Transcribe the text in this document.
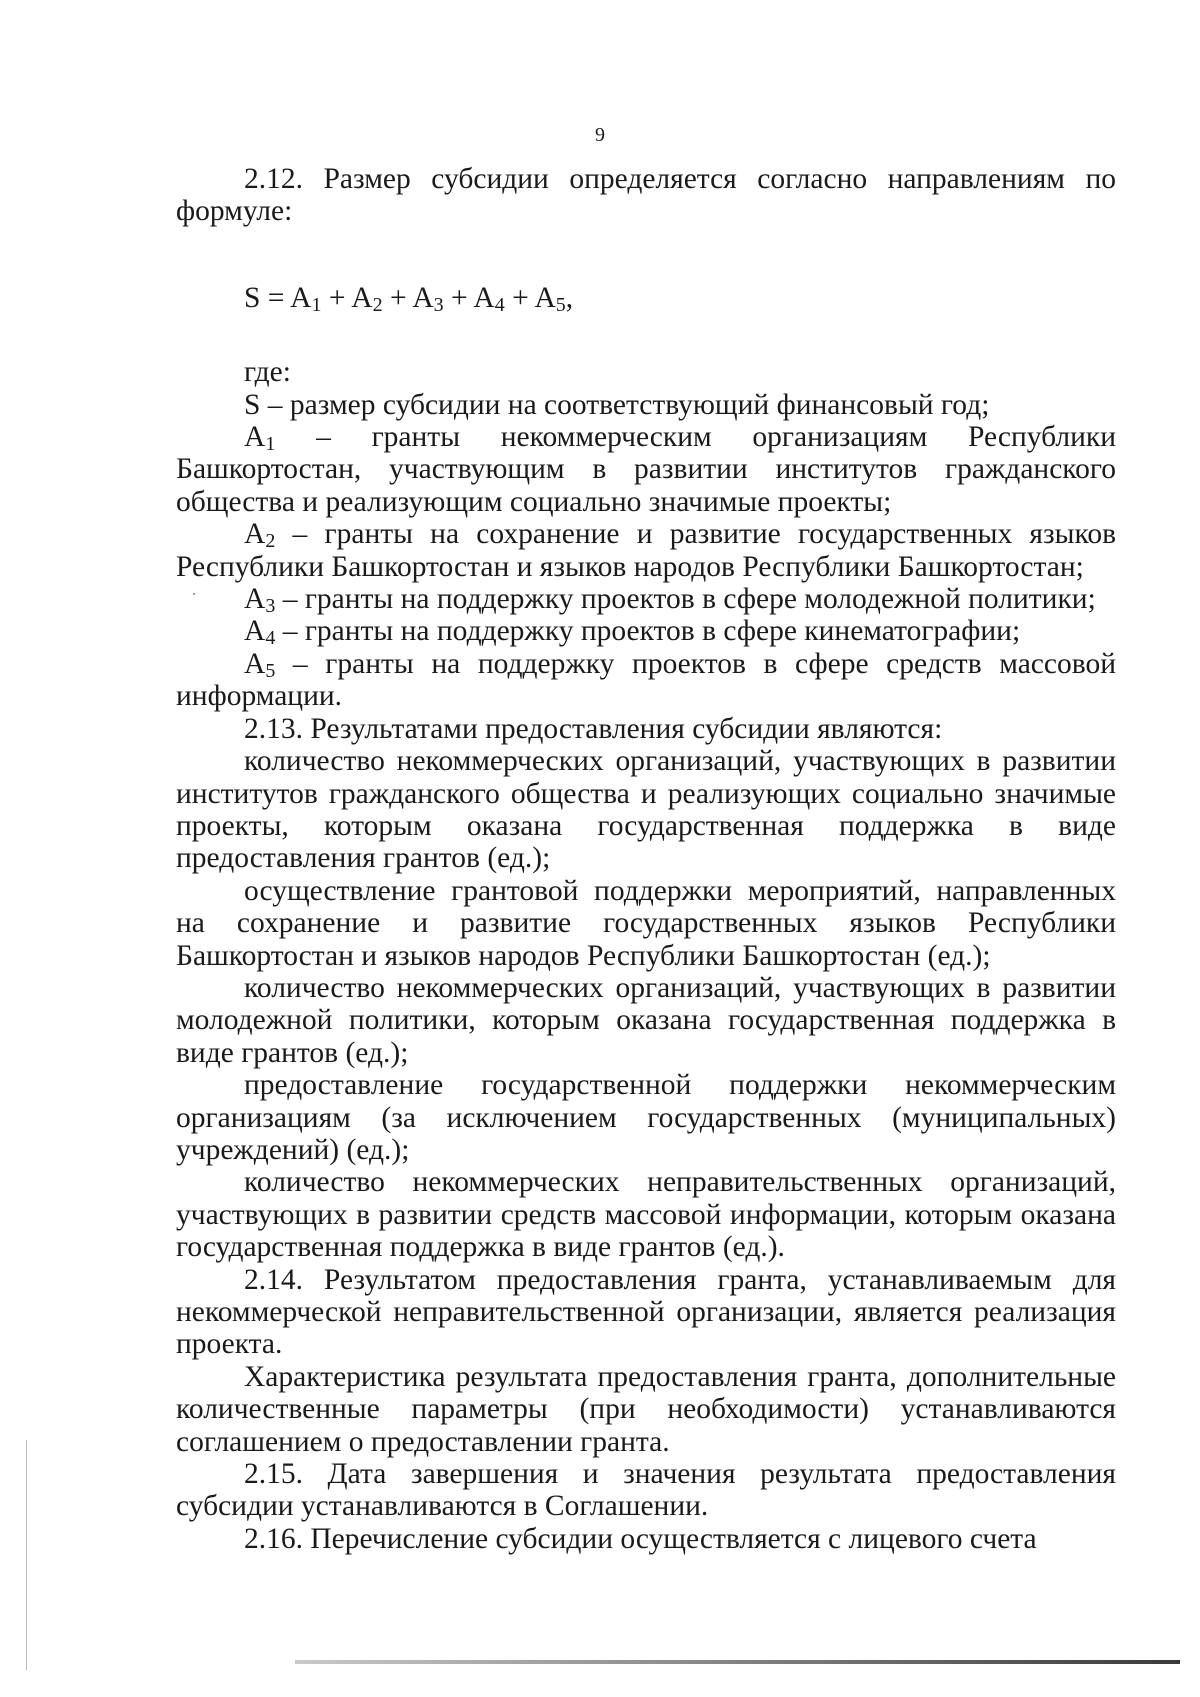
9

2.12. Размер субсидии определяется согласно направлениям по формуле:

$S = A_1 + A_2 + A_3 + A_4 + A_5$,

где:

S – размер субсидии на соответствующий финансовый год;

$A_1$ – гранты некоммерческим организациям Республики Башкортостан, участвующим в развитии институтов гражданского общества и реализующим социально значимые проекты;

$A_2$ – гранты на сохранение и развитие государственных языков Республики Башкортостан и языков народов Республики Башкортостан;

$A_3$ – гранты на поддержку проектов в сфере молодежной политики;

$A_4$ – гранты на поддержку проектов в сфере кинематографии;

$A_5$ – гранты на поддержку проектов в сфере средств массовой информации.

2.13. Результатами предоставления субсидии являются:

количество некоммерческих организаций, участвующих в развитии институтов гражданского общества и реализующих социально значимые проекты, которым оказана государственная поддержка в виде предоставления грантов (ед.);

осуществление грантовой поддержки мероприятий, направленных на сохранение и развитие государственных языков Республики Башкортостан и языков народов Республики Башкортостан (ед.);

количество некоммерческих организаций, участвующих в развитии молодежной политики, которым оказана государственная поддержка в виде грантов (ед.);

предоставление государственной поддержки некоммерческим организациям (за исключением государственных (муниципальных) учреждений) (ед.);

количество некоммерческих неправительственных организаций, участвующих в развитии средств массовой информации, которым оказана государственная поддержка в виде грантов (ед.).

2.14. Результатом предоставления гранта, устанавливаемым для некоммерческой неправительственной организации, является реализация проекта.

Характеристика результата предоставления гранта, дополнительные количественные параметры (при необходимости) устанавливаются соглашением о предоставлении гранта.

2.15. Дата завершения и значения результата предоставления субсидии устанавливаются в Соглашении.

2.16. Перечисление субсидии осуществляется с лицевого счета
